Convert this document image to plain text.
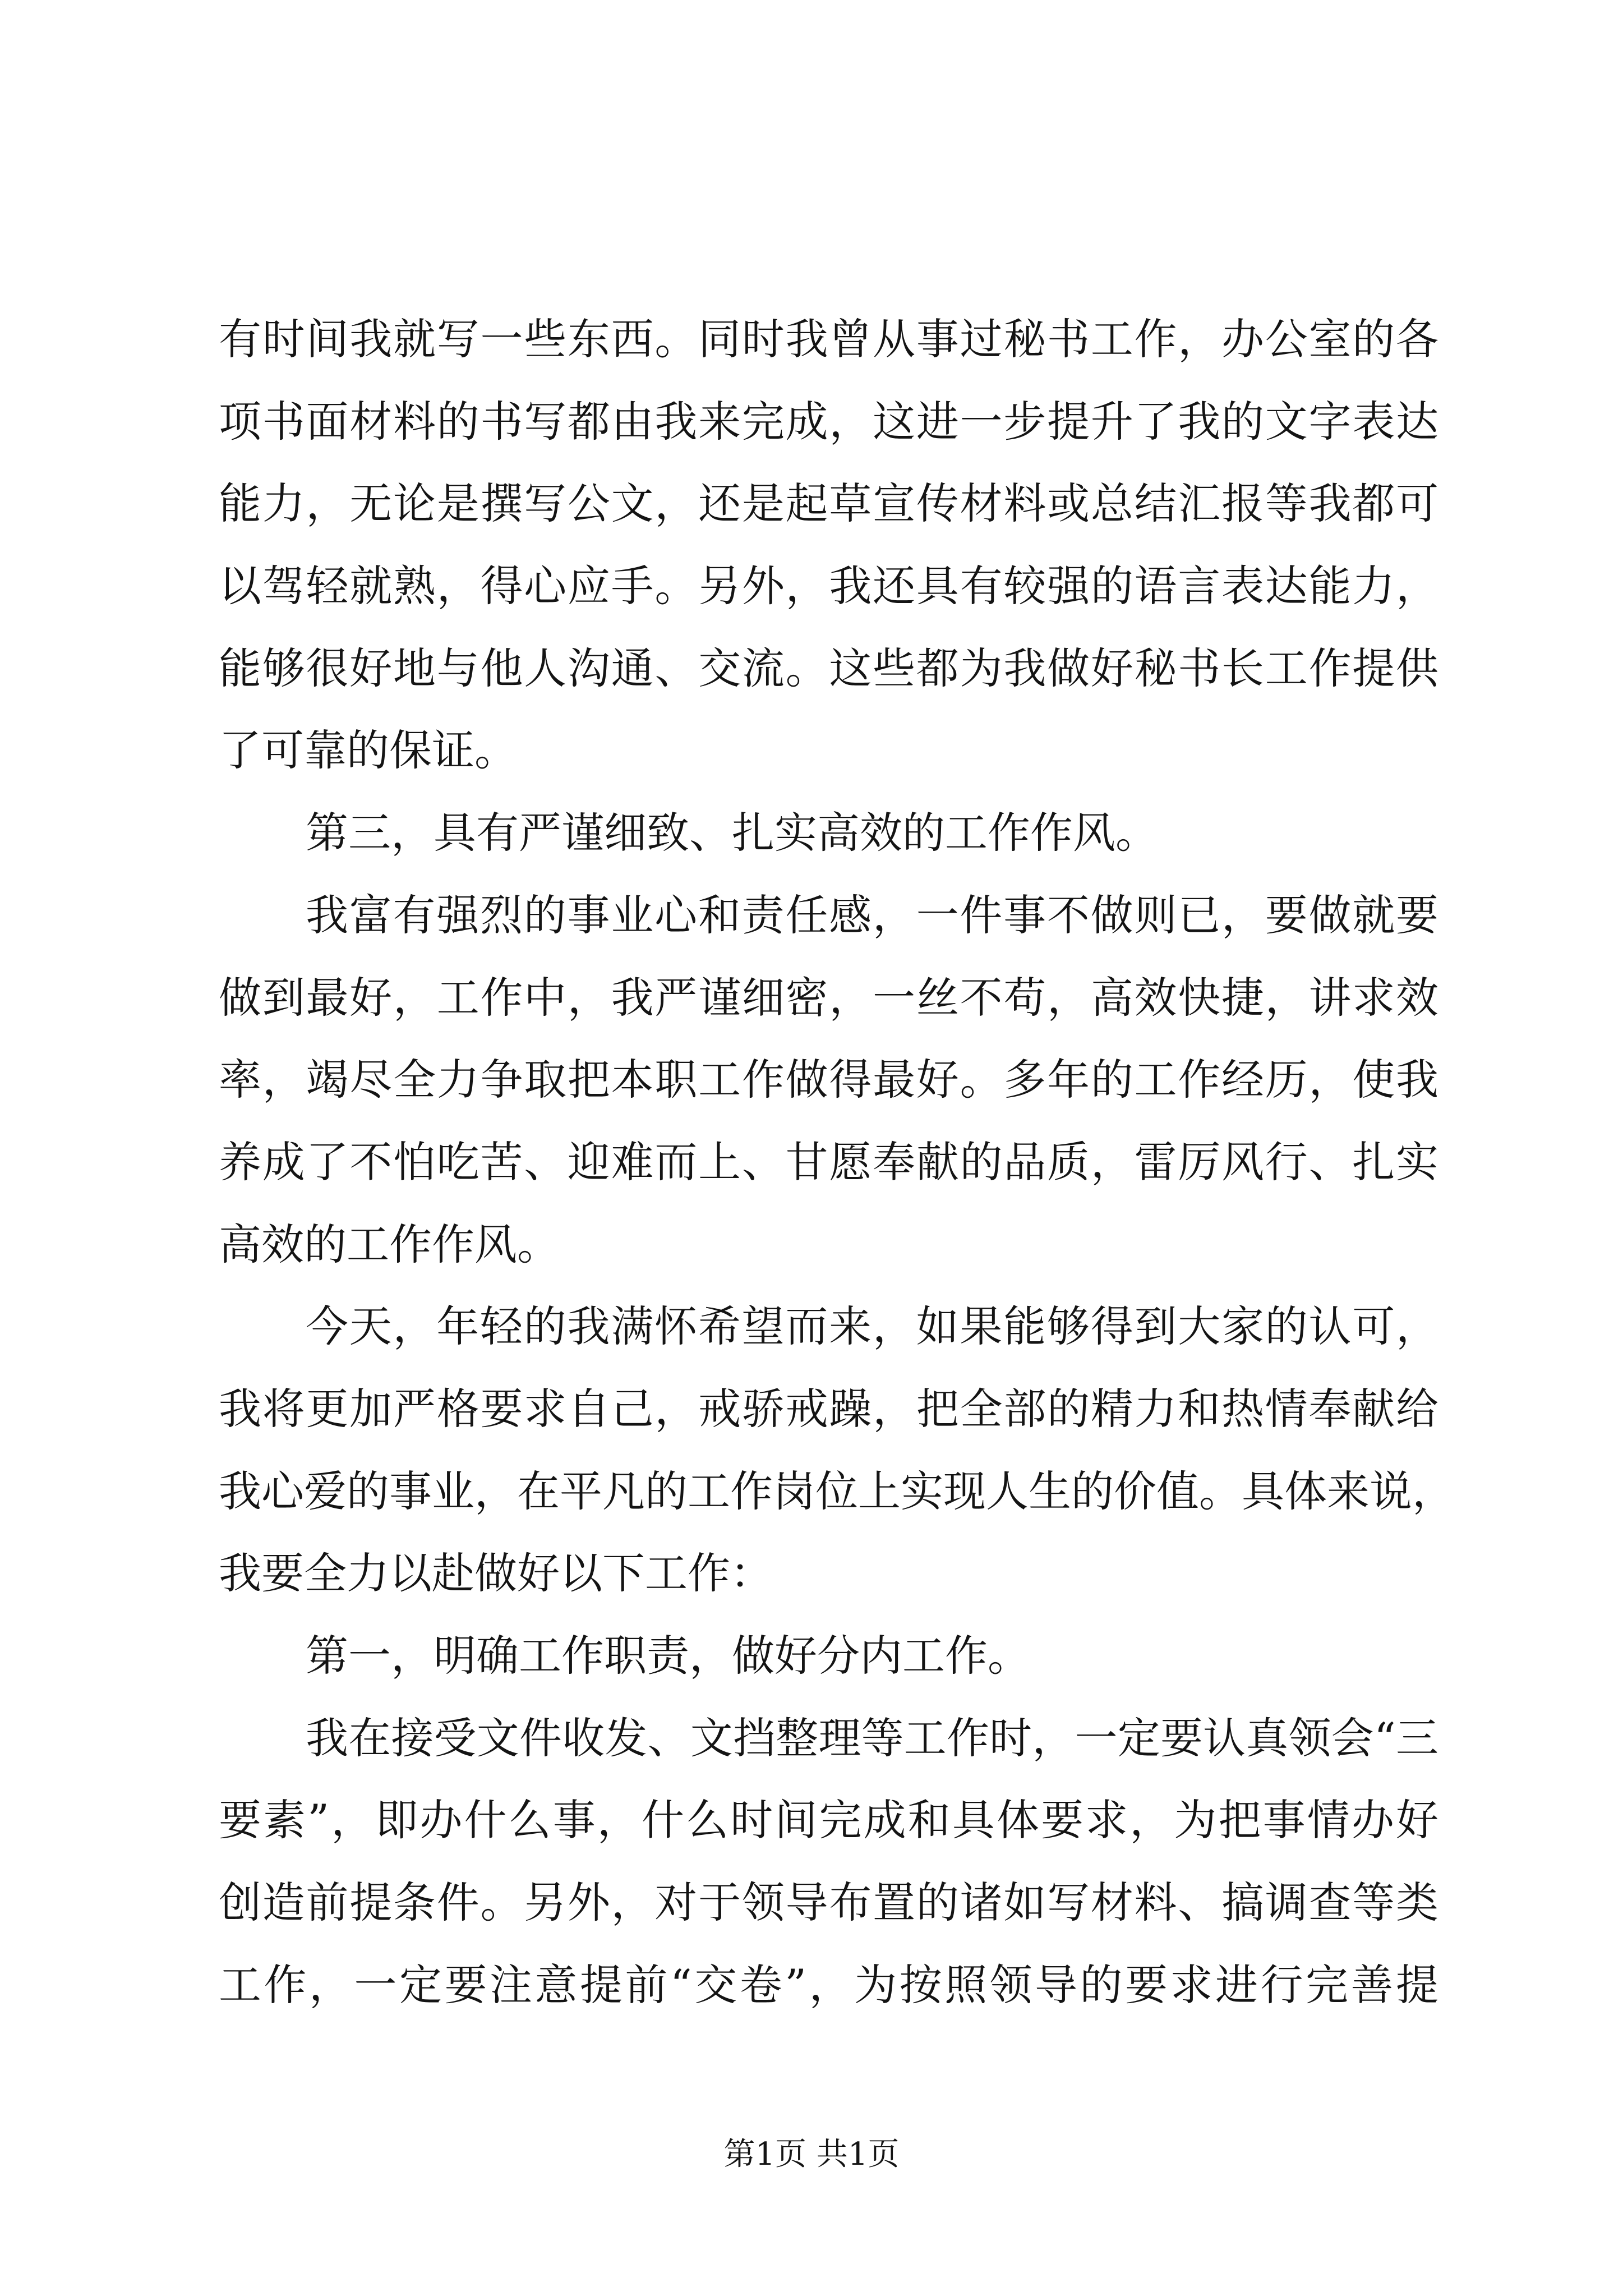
有时间我就写一些东西。同时我曾从事过秘书工作，办公室的各
项书面材料的书写都由我来完成，这进一步提升了我的文字表达
能力，无论是撰写公文，还是起草宣传材料或总结汇报等我都可
以驾轻就熟，得心应手。另外，我还具有较强的语言表达能力，
能够很好地与他人沟通、交流。这些都为我做好秘书长工作提供
了可靠的保证。
第三，具有严谨细致、扎实高效的工作作风。
我富有强烈的事业心和责任感，一件事不做则已，要做就要
做到最好，工作中，我严谨细密，一丝不苟，高效快捷，讲求效
率，竭尽全力争取把本职工作做得最好。多年的工作经历，使我
养成了不怕吃苦、迎难而上、甘愿奉献的品质，雷厉风行、扎实
高效的工作作风。
今天，年轻的我满怀希望而来，如果能够得到大家的认可，
我将更加严格要求自己，戒骄戒躁，把全部的精力和热情奉献给
我心爱的事业，在平凡的工作岗位上实现人生的价值。具体来说，
我要全力以赴做好以下工作：
第一，明确工作职责，做好分内工作。
我在接受文件收发、文挡整理等工作时，一定要认真领会“三
要素”，即办什么事，什么时间完成和具体要求，为把事情办好
创造前提条件。另外，对于领导布置的诸如写材料、搞调查等类
工作，一定要注意提前“交卷”，为按照领导的要求进行完善提
第1页 共1页
